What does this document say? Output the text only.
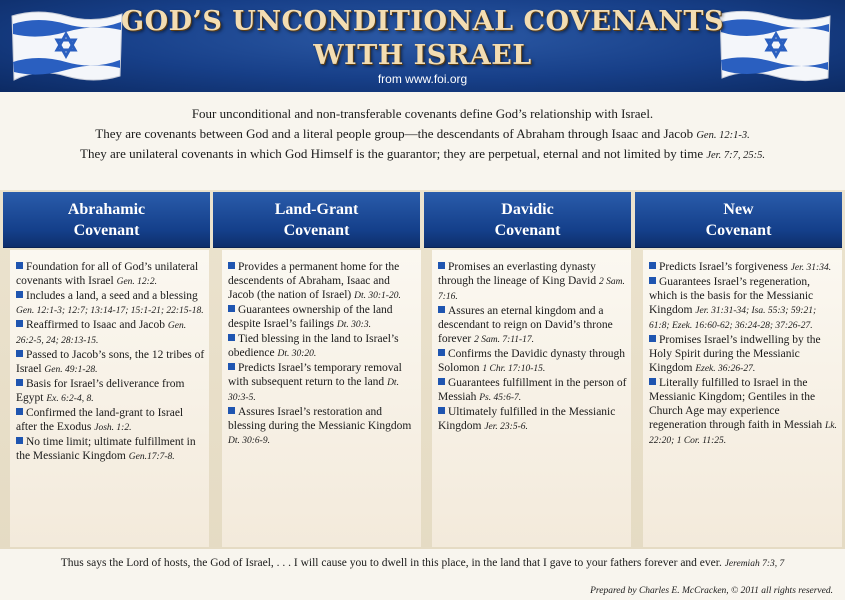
GOD’S UNCONDITIONAL COVENANTS
WITH ISRAEL
from www.foi.org

Four unconditional and non-transferable covenants define God’s relationship with Israel.

They are covenants between God and a literal people group—the descendants of Abraham through Isaac and Jacob Gen. 12:1-3.

They are unilateral covenants in which God Himself is the guarantor; they are perpetual, eternal and not limited by time Jer. 7:7, 25:5.

Abrahamic
Covenant
Land-Grant
Covenant
Davidic
Covenant
New
Covenant
Foundation for all of God’s unilateral covenants with Israel Gen. 12:2.
Includes a land, a seed and a blessing Gen. 12:1-3; 12:7; 13:14-17; 15:1-21; 22:15-18.
Reaffirmed to Isaac and Jacob Gen. 26:2-5, 24; 28:13-15.
Passed to Jacob’s sons, the 12 tribes of Israel Gen. 49:1-28.
Basis for Israel’s deliverance from Egypt Ex. 6:2-4, 8.
Confirmed the land-grant to Israel after the Exodus Josh. 1:2.
No time limit; ultimate fulfillment in the Messianic Kingdom Gen.17:7-8.
Provides a permanent home for the descendents of Abraham, Isaac and Jacob (the nation of Israel) Dt. 30:1-20.
Guarantees ownership of the land despite Israel’s failings Dt. 30:3.
Tied blessing in the land to Israel’s obedience Dt. 30:20.
Predicts Israel’s temporary removal with subsequent return to the land Dt. 30:3-5.
Assures Israel’s restoration and blessing during the Messianic Kingdom Dt. 30:6-9.
Promises an everlasting dynasty through the lineage of King David 2 Sam. 7:16.
Assures an eternal kingdom and a descendant to reign on David’s throne forever 2 Sam. 7:11-17.
Confirms the Davidic dynasty through Solomon 1 Chr. 17:10-15.
Guarantees fulfillment in the person of Messiah Ps. 45:6-7.
Ultimately fulfilled in the Messianic Kingdom Jer. 23:5-6.
Predicts Israel’s forgiveness Jer. 31:34.
Guarantees Israel’s regeneration, which is the basis for the Messianic Kingdom Jer. 31:31-34; Isa. 55:3; 59:21; 61:8; Ezek. 16:60-62; 36:24-28; 37:26-27.
Promises Israel’s indwelling by the Holy Spirit during the Messianic Kingdom Ezek. 36:26-27.
Literally fulfilled to Israel in the Messianic Kingdom; Gentiles in the Church Age may experience regeneration through faith in Messiah Lk. 22:20; 1 Cor. 11:25.
Thus says the Lord of hosts, the God of Israel, . . . I will cause you to dwell in this place, in the land that I gave to your fathers forever and ever. Jeremiah 7:3, 7
Prepared by Charles E. McCracken, © 2011 all rights reserved.
